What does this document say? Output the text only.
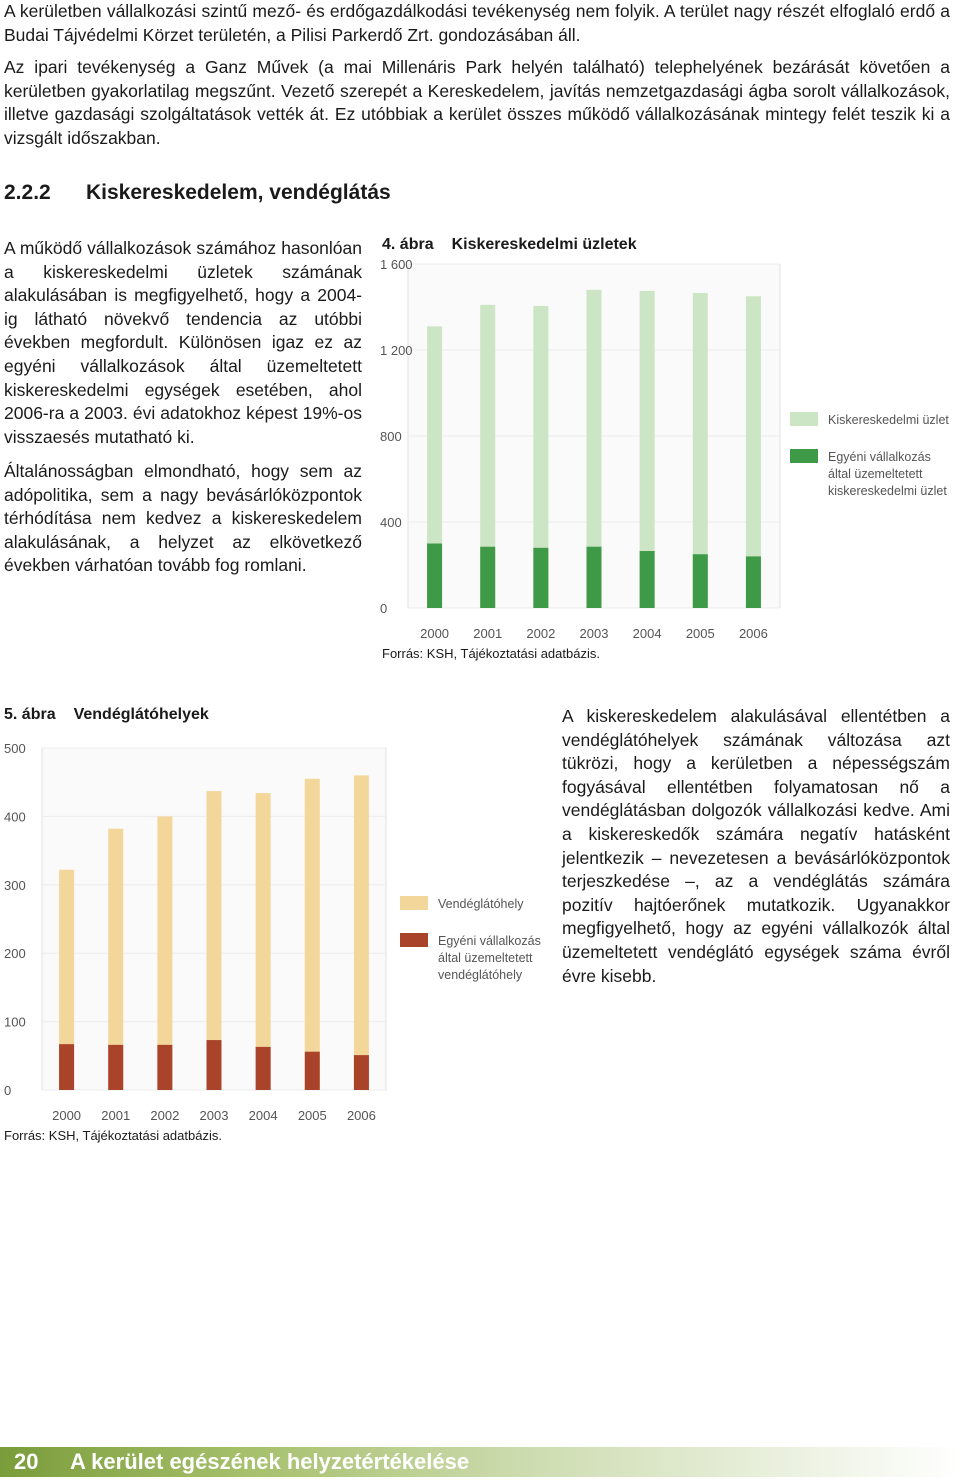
A kerületben vállalkozási szintű mező- és erdőgazdálkodási tevékenység nem folyik. A terület nagy részét elfoglaló erdő a Budai Tájvédelmi Körzet területén, a Pilisi Parkerdő Zrt. gondozásában áll.

Az ipari tevékenység a Ganz Művek (a mai Millenáris Park helyén található) telephelyének bezárását követően a kerületben gyakorlatilag megszűnt. Vezető szerepét a Kereskedelem, javítás nemzetgazdasági ágba sorolt vállalkozások, illetve gazdasági szolgáltatások vették át. Ez utóbbiak a kerület összes működő vállalkozásának mintegy felét teszik ki a vizsgált időszakban.

2.2.2 Kiskereskedelem, vendéglátás

A működő vállalkozások számához hasonlóan a kiskereskedelmi üzletek számának alakulásában is megfigyelhető, hogy a 2004-ig látható növekvő tendencia az utóbbi években megfordult. Különösen igaz ez az egyéni vállalkozások által üzemeltetett kiskereskedelmi egységek esetében, ahol 2006-ra a 2003. évi adatokhoz képest 19%-os visszaesés mutatható ki.

Általánosságban elmondható, hogy sem az adópolitika, sem a nagy bevásárlóközpontok térhódítása nem kedvez a kiskereskedelem alakulásának, a helyzet az elkövetkező években várhatóan tovább fog romlani.

4. ábra Kiskereskedelmi üzletek

0
400
800
1 200
1 600
2000 2001 2002 2003 2004 2005 2006
Kiskereskedelmi üzlet
Egyéni vállalkozás
által üzemeltetett
kiskereskedelmi üzlet

Forrás: KSH, Tájékoztatási adatbázis.

5. ábra Vendéglátóhelyek

0
100
200
300
400
500
2000 2001 2002 2003 2004 2005 2006
Vendéglátóhely
Egyéni vállalkozás
által üzemeltetett
vendéglátóhely

Forrás: KSH, Tájékoztatási adatbázis.

A kiskereskedelem alakulásával ellentétben a vendéglátóhelyek számának változása azt tükrözi, hogy a kerületben a népességszám fogyásával ellentétben folyamatosan nő a vendéglátásban dolgozók vállalkozási kedve. Ami a kiskereskedők számára negatív hatásként jelentkezik – nevezetesen a bevásárlóközpontok terjeszkedése –, az a vendéglátás számára pozitív hajtóerőnek mutatkozik. Ugyanakkor megfigyelhető, hogy az egyéni vállalkozók által üzemeltetett vendéglátó egységek száma évről évre kisebb.

20 A kerület egészének helyzetértékelése
